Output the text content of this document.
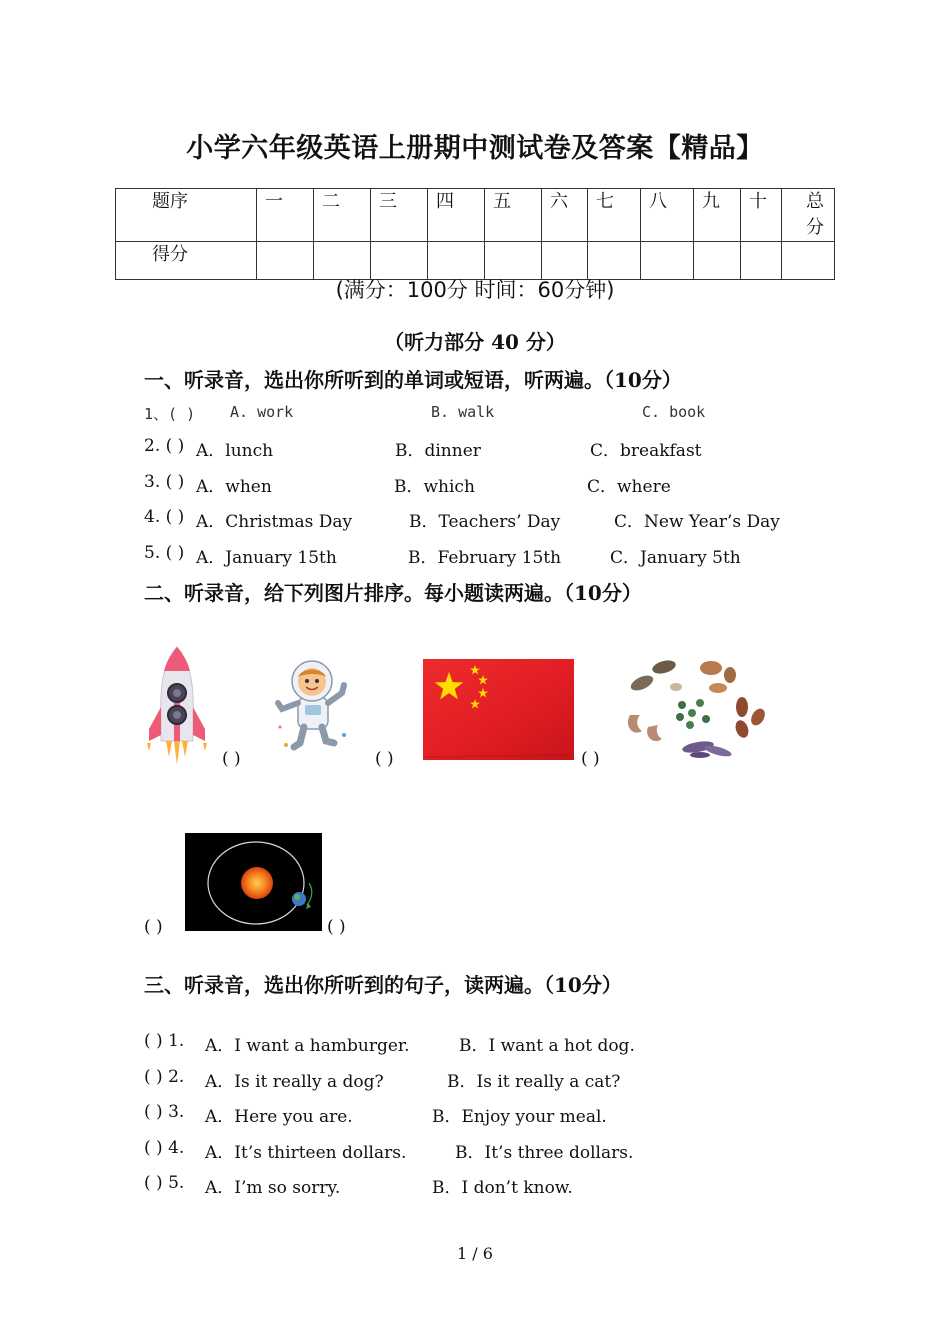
小学六年级英语上册期中测试卷及答案【精品】
题序	一	二	三	四	五	六	七	八	九	十	总分
得分											
(满分：100分 时间：60分钟)
（听力部分 40 分）
一、听录音，选出你所听到的单词或短语，听两遍。（10分）
1、( ) A. work	B. walk	C. book
2. ( ) A．lunch	B．dinner	C．breakfast
3. ( ) A．when	B．which	C．where
4. ( ) A．Christmas Day	B．Teachers’ Day	C．New Year’s Day
5. ( ) A．January 15th	B．February 15th	C．January 5th
二、听录音，给下列图片排序。每小题读两遍。（10分）
( )	( )	( )
( )	( )
三、听录音，选出你所听到的句子，读两遍。（10分）
( ) 1. A．I want a hamburger.	B．I want a hot dog.
( ) 2. A．Is it really a dog?	B．Is it really a cat?
( ) 3. A．Here you are.	B．Enjoy your meal.
( ) 4. A．It’s thirteen dollars.	B．It’s three dollars.
( ) 5. A．I’m so sorry.	B．I don’t know.
1 / 6
